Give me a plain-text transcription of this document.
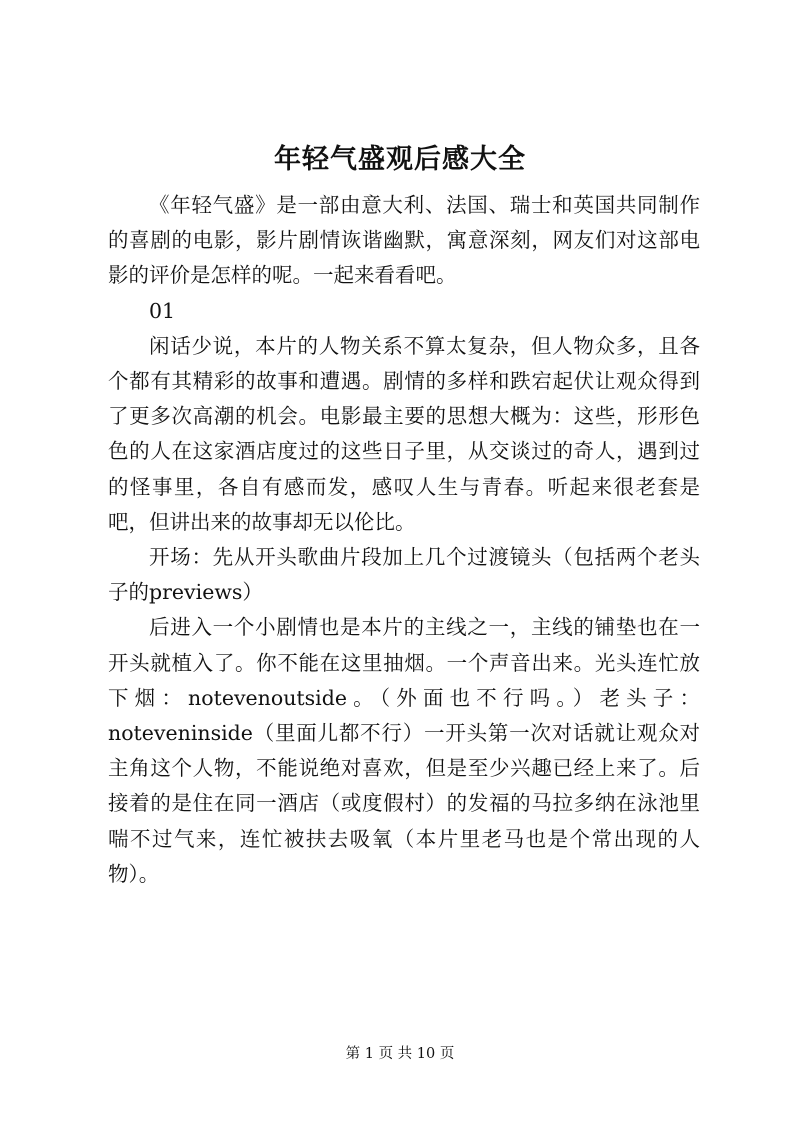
年轻气盛观后感大全

《年轻气盛》是一部由意大利、法国、瑞士和英国共同制作的喜剧的电影，影片剧情诙谐幽默，寓意深刻，网友们对这部电影的评价是怎样的呢。一起来看看吧。

01

闲话少说，本片的人物关系不算太复杂，但人物众多，且各个都有其精彩的故事和遭遇。剧情的多样和跌宕起伏让观众得到了更多次高潮的机会。电影最主要的思想大概为：这些，形形色色的人在这家酒店度过的这些日子里，从交谈过的奇人，遇到过的怪事里，各自有感而发，感叹人生与青春。听起来很老套是吧，但讲出来的故事却无以伦比。

开场：先从开头歌曲片段加上几个过渡镜头（包括两个老头子的previews）

后进入一个小剧情也是本片的主线之一，主线的铺垫也在一开头就植入了。你不能在这里抽烟。一个声音出来。光头连忙放下烟：notevenoutside。（外面也不行吗。）老头子：noteveninside（里面儿都不行）一开头第一次对话就让观众对主角这个人物，不能说绝对喜欢，但是至少兴趣已经上来了。后接着的是住在同一酒店（或度假村）的发福的马拉多纳在泳池里喘不过气来，连忙被扶去吸氧（本片里老马也是个常出现的人物）。

第 1 页 共 10 页
